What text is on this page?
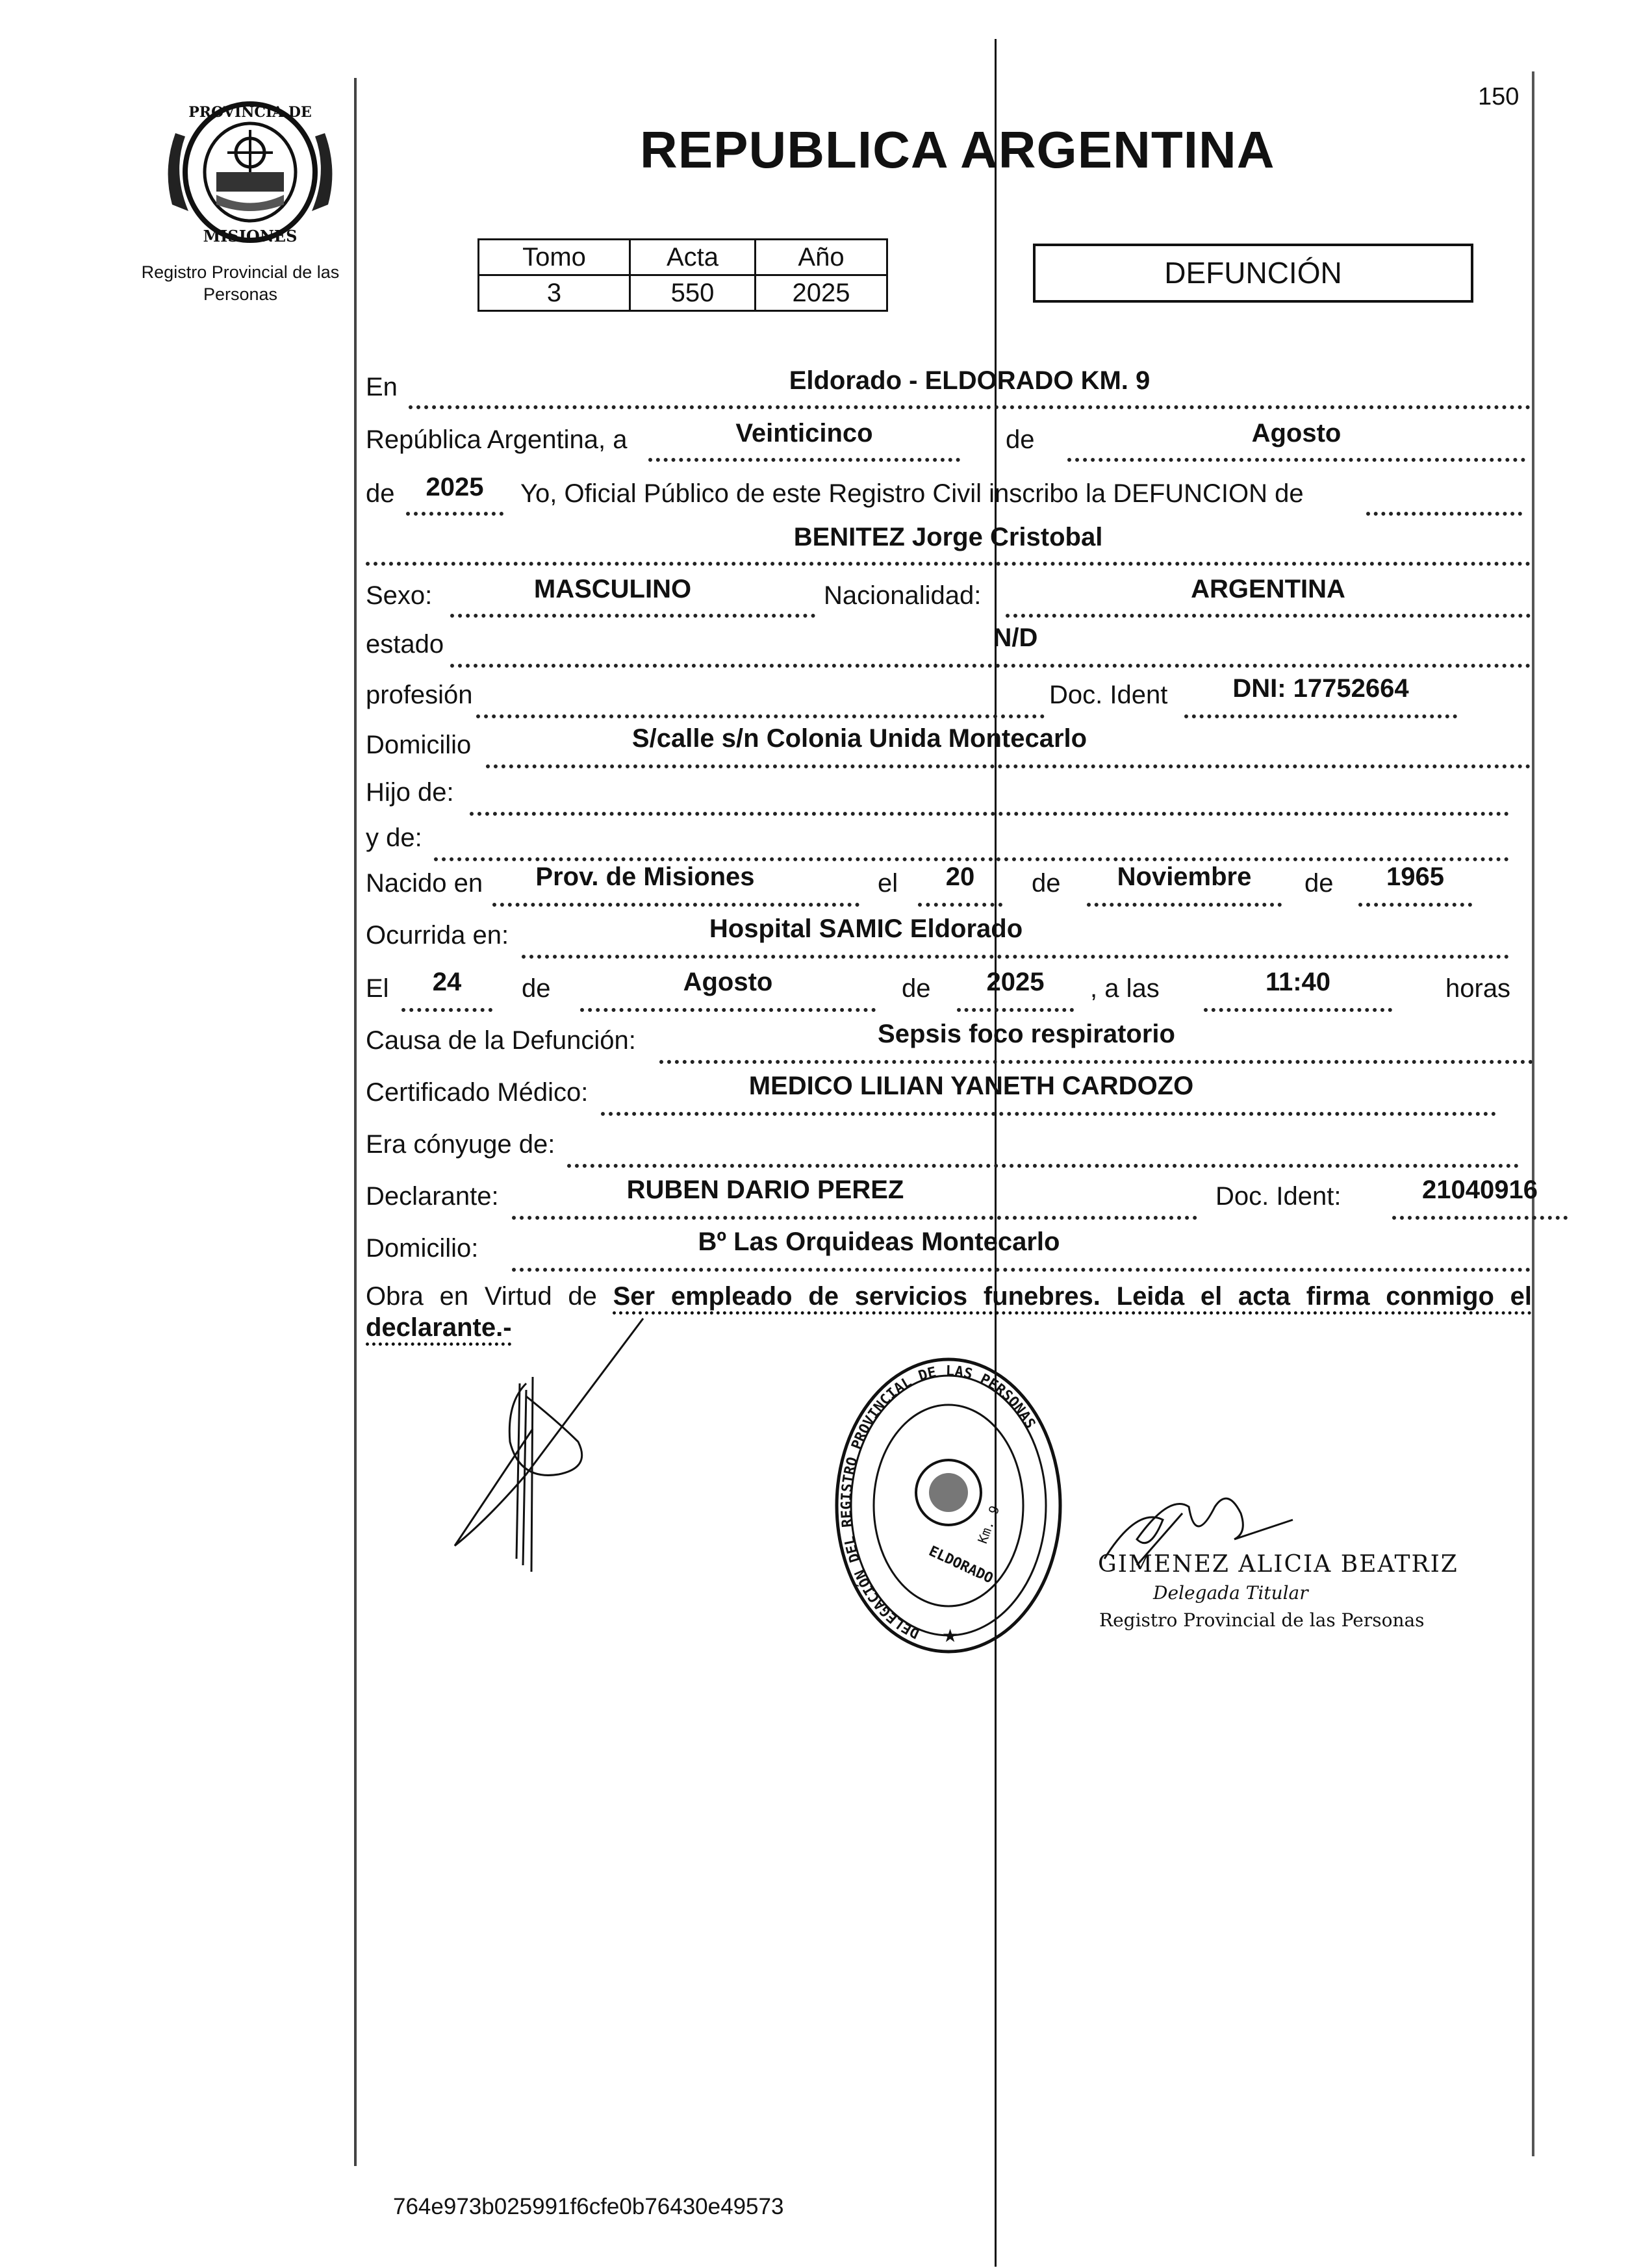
150
PROVINCIA DE
MISIONES
Registro Provincial de las Personas
REPUBLICA ARGENTINA
Tomo	Acta	Año
3	550	2025
DEFUNCIÓN
En	Eldorado - ELDORADO KM. 9
República Argentina, a	Veinticinco	de	Agosto
de	2025	Yo, Oficial Público de este Registro Civil inscribo la DEFUNCION de
BENITEZ Jorge Cristobal
Sexo:	MASCULINO	Nacionalidad:	ARGENTINA
estado	N/D
profesión	Doc. Ident	DNI: 17752664
Domicilio	S/calle s/n Colonia Unida Montecarlo
Hijo de:
y de:
Nacido en	Prov. de Misiones	el	20	de	Noviembre	de	1965
Ocurrida en:	Hospital SAMIC Eldorado
El	24	de	Agosto	de	2025	, a las	11:40	horas
Causa de la Defunción:	Sepsis foco respiratorio
Certificado Médico:	MEDICO LILIAN YANETH CARDOZO
Era cónyuge de:
Declarante:	RUBEN DARIO PEREZ	Doc. Ident:	21040916
Domicilio:	Bº Las Orquideas Montecarlo
Obra en Virtud de Ser empleado de servicios funebres. Leida el acta firma conmigo el declarante.-
DELEGACIÓN DEL REGISTRO PROVINCIAL DE LAS PERSONAS
ELDORADO
Km. 9
★
GIMENEZ ALICIA BEATRIZ
Delegada Titular
Registro Provincial de las Personas
764e973b025991f6cfe0b76430e49573
